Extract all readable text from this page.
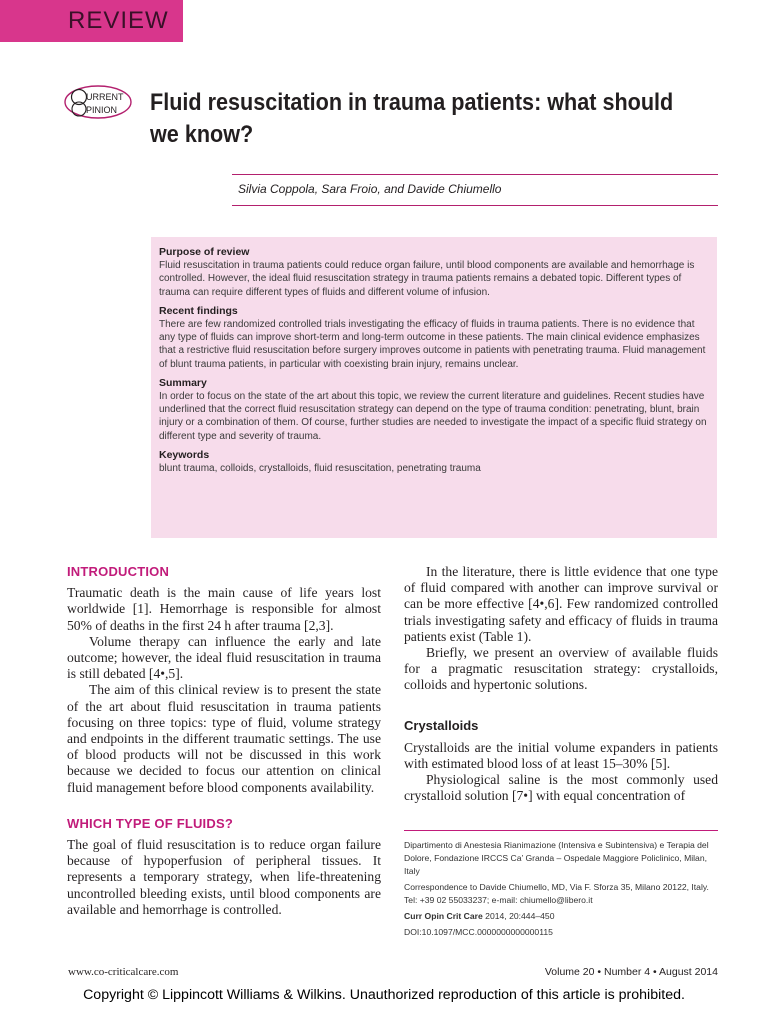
REVIEW
URRENT
PINION Fluid resuscitation in trauma patients: what should
we know?
Silvia Coppola, Sara Froio, and Davide Chiumello

Purpose of review

Fluid resuscitation in trauma patients could reduce organ failure, until blood components are available and hemorrhage is controlled. However, the ideal fluid resuscitation strategy in trauma patients remains a debated topic. Different types of trauma can require different types of fluids and different volume of infusion.

Recent findings

There are few randomized controlled trials investigating the efficacy of fluids in trauma patients. There is no evidence that any type of fluids can improve short-term and long-term outcome in these patients. The main clinical evidence emphasizes that a restrictive fluid resuscitation before surgery improves outcome in patients with penetrating trauma. Fluid management of blunt trauma patients, in particular with coexisting brain injury, remains unclear.

Summary

In order to focus on the state of the art about this topic, we review the current literature and guidelines. Recent studies have underlined that the correct fluid resuscitation strategy can depend on the type of trauma condition: penetrating, blunt, brain injury or a combination of them. Of course, further studies are needed to investigate the impact of a specific fluid strategy on different type and severity of trauma.

Keywords

blunt trauma, colloids, crystalloids, fluid resuscitation, penetrating trauma

INTRODUCTION

Traumatic death is the main cause of life years lost worldwide [1]. Hemorrhage is responsible for almost 50% of deaths in the first 24 h after trauma [2,3].

Volume therapy can influence the early and late outcome; however, the ideal fluid resuscitation in trauma is still debated [4•,5].

The aim of this clinical review is to present the state of the art about fluid resuscitation in trauma patients focusing on three topics: type of fluid, volume strategy and endpoints in the different traumatic settings. The use of blood products will not be discussed in this work because we decided to focus our attention on clinical fluid management before blood components availability.

WHICH TYPE OF FLUIDS?

The goal of fluid resuscitation is to reduce organ failure because of hypoperfusion of peripheral tissues. It represents a temporary strategy, when life-threatening uncontrolled bleeding exists, until blood components are available and hemorrhage is controlled.

In the literature, there is little evidence that one type of fluid compared with another can improve survival or can be more effective [4•,6]. Few randomized controlled trials investigating safety and efficacy of fluids in trauma patients exist (Table 1).

Briefly, we present an overview of available fluids for a pragmatic resuscitation strategy: crystalloids, colloids and hypertonic solutions.

Crystalloids

Crystalloids are the initial volume expanders in patients with estimated blood loss of at least 15–30% [5].

Physiological saline is the most commonly used crystalloid solution [7•] with equal concentration of

Dipartimento di Anestesia Rianimazione (Intensiva e Subintensiva) e Terapia del Dolore, Fondazione IRCCS Ca’ Granda – Ospedale Maggiore Policlinico, Milan, Italy

Correspondence to Davide Chiumello, MD, Via F. Sforza 35, Milano 20122, Italy. Tel: +39 02 55033237; e-mail: chiumello@libero.it

Curr Opin Crit Care 2014, 20:444–450

DOI:10.1097/MCC.0000000000000115

www.co-criticalcare.com	Volume 20 • Number 4 • August 2014
Copyright © Lippincott Williams & Wilkins. Unauthorized reproduction of this article is prohibited.
